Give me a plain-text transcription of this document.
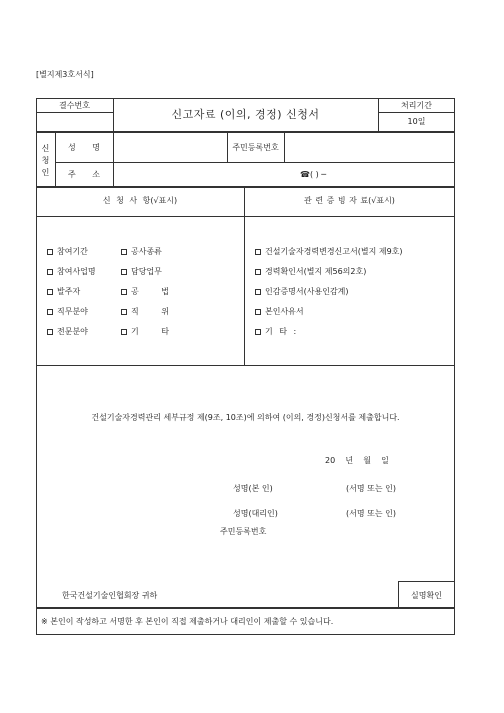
[별지제3호서식]
결수번호
신고자료 (이의, 경정) 신청서
처리기간
10일
신
청
인
성 명	주민등록번호
주 소	☎( ) ─
신 청 사 항(√표시)	관 련 증 빙 자 료(√표시)
참여기간	공사종류
참여사업명	담당업무
발주자	공 법
직무분야	직 위
전문분야	기 타
건설기술자경력변경신고서(별지 제9호)
경력확인서(별지 제56의2호)
인감증명서(사용인감계)
본인사유서
기 타 :
건설기술자경력관리 세부규정 제(9조, 10조)에 의하여 (이의, 경정)신청서를 제출합니다.
20    년    월    일
성명(본 인)	(서명 또는 인)
성명(대리인)	(서명 또는 인)
주민등록번호
한국건설기술인협회장 귀하	실명확인
※ 본인이 작성하고 서명한 후 본인이 직접 제출하거나 대리인이 제출할 수 있습니다.
